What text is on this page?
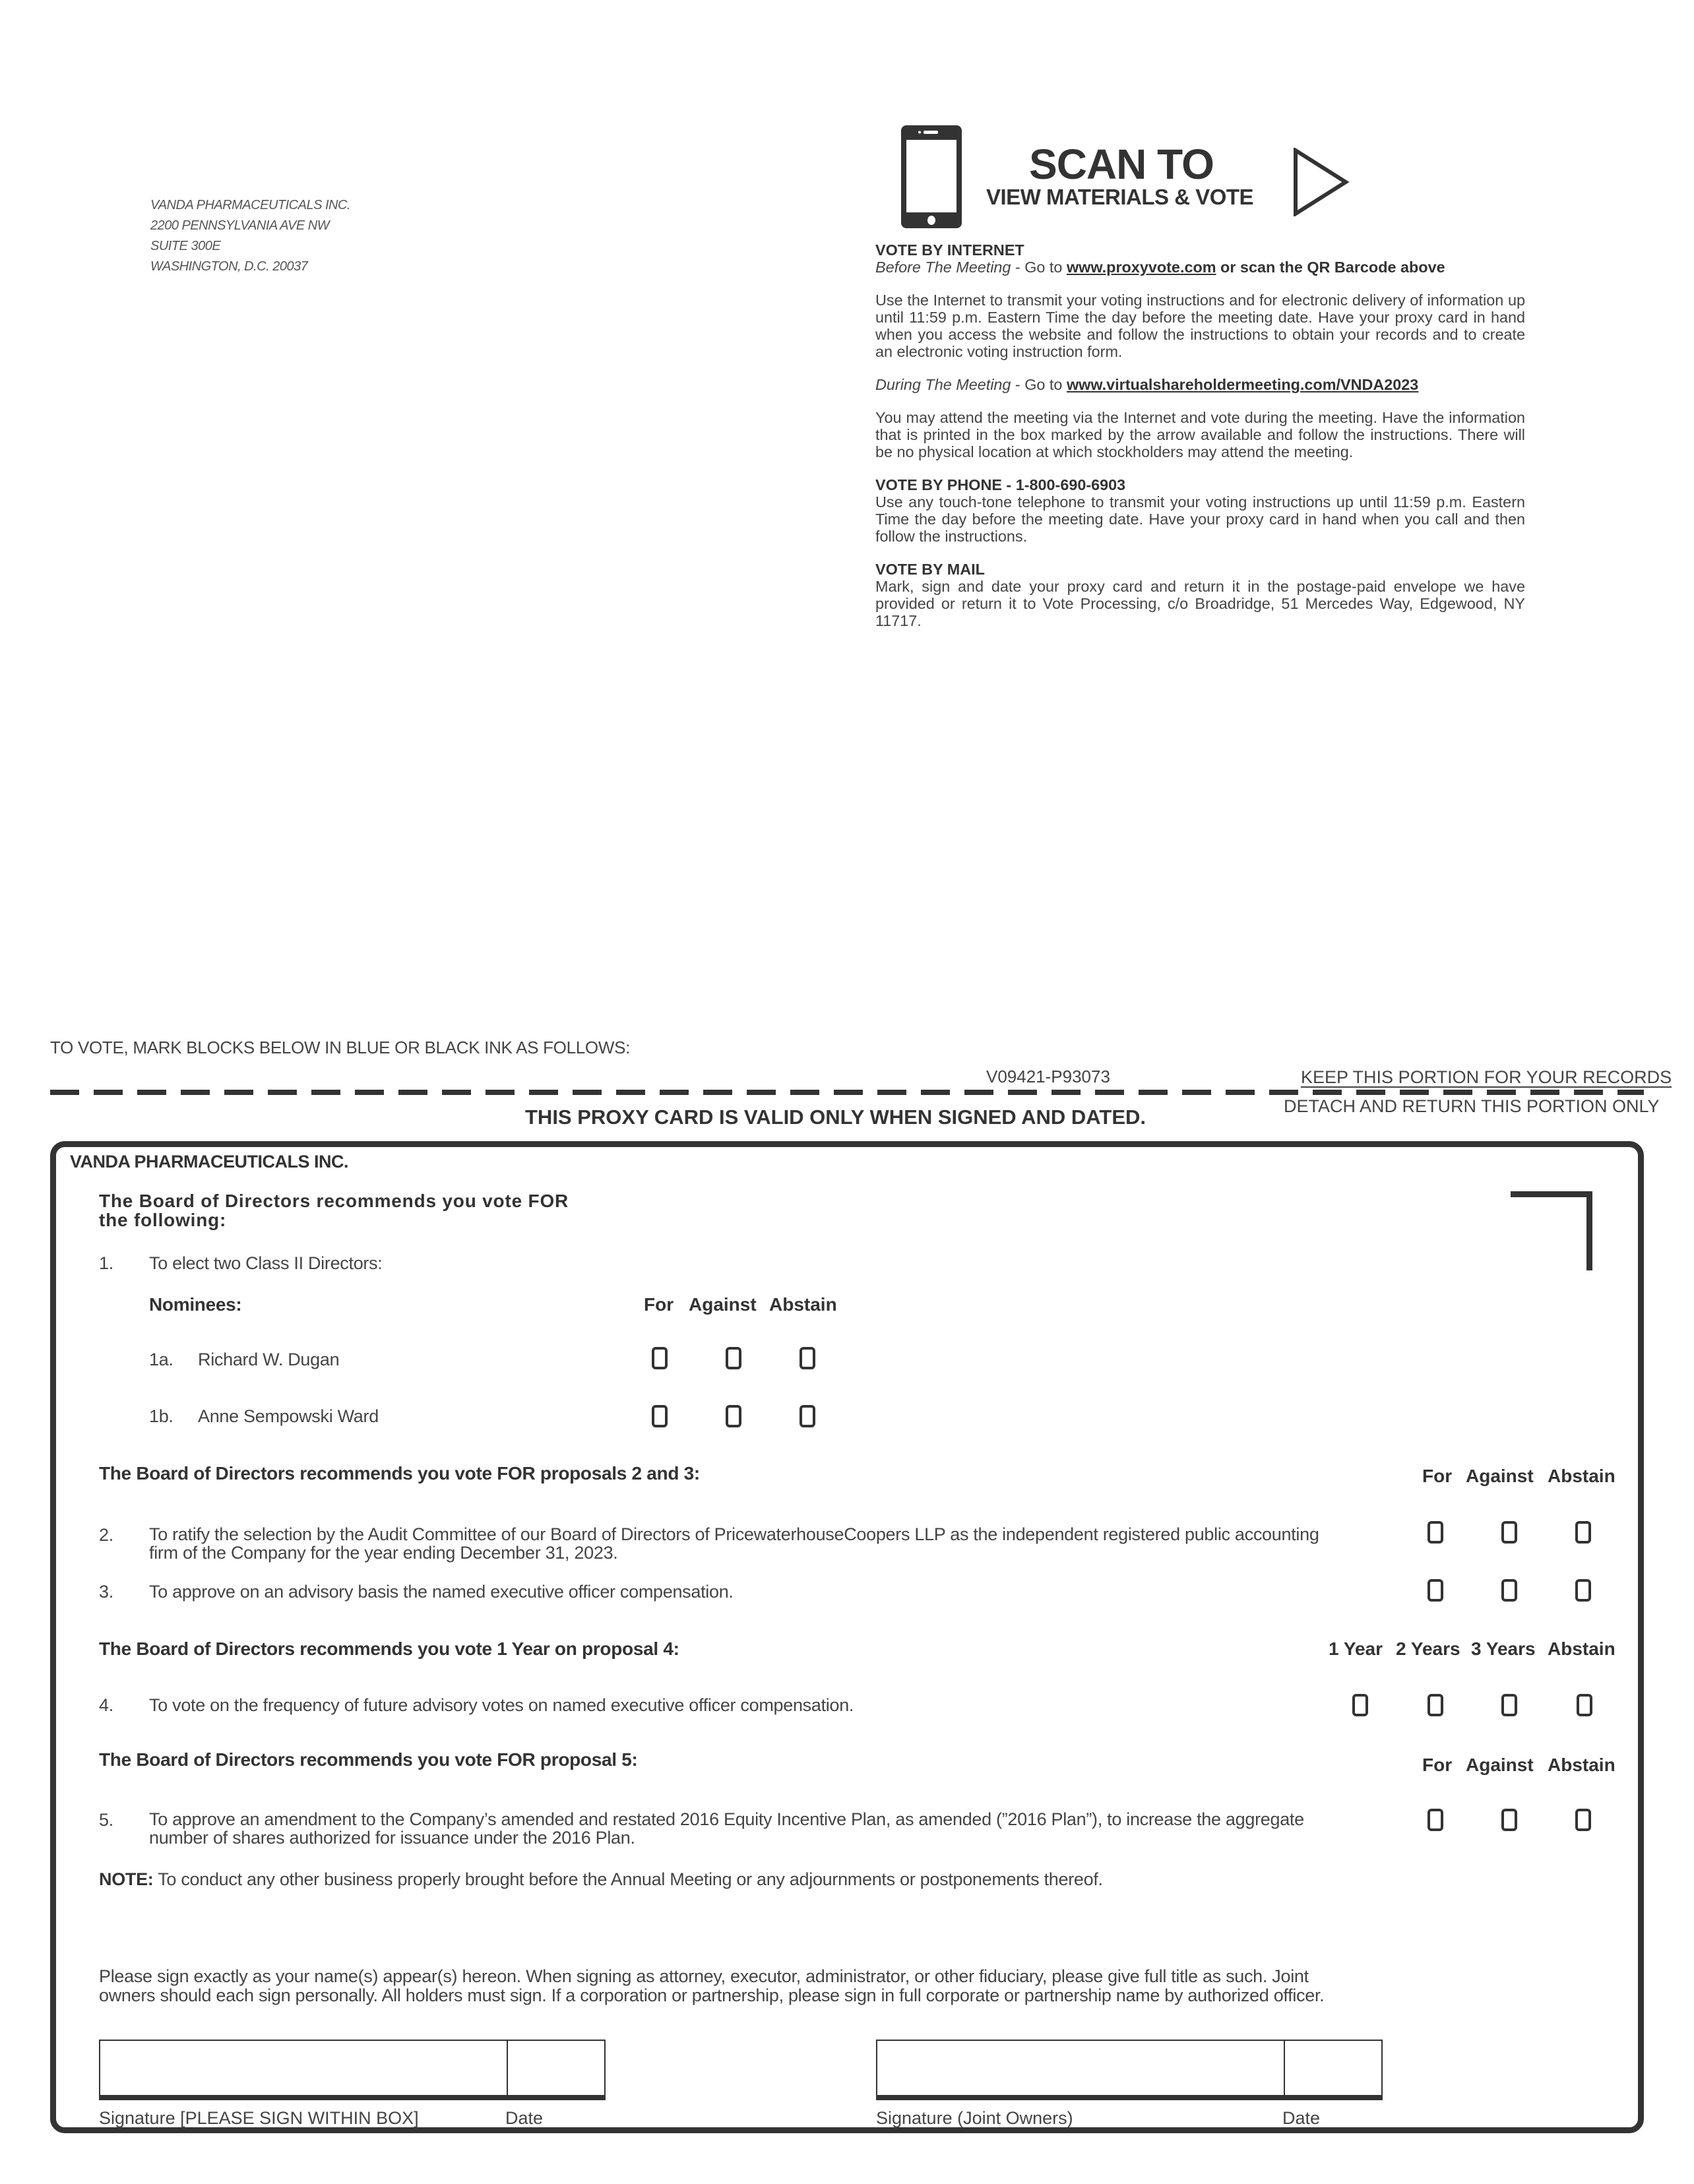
VANDA PHARMACEUTICALS INC.
2200 PENNSYLVANIA AVE NW
SUITE 300E
WASHINGTON, D.C. 20037
SCAN TO
VIEW MATERIALS & VOTE
VOTE BY INTERNET
Before The Meeting - Go to www.proxyvote.com or scan the QR Barcode above

Use the Internet to transmit your voting instructions and for electronic delivery of information up until 11:59 p.m. Eastern Time the day before the meeting date. Have your proxy card in hand when you access the website and follow the instructions to obtain your records and to create an electronic voting instruction form.

During The Meeting - Go to www.virtualshareholdermeeting.com/VNDA2023

You may attend the meeting via the Internet and vote during the meeting. Have the information that is printed in the box marked by the arrow available and follow the instructions. There will be no physical location at which stockholders may attend the meeting.

VOTE BY PHONE - 1-800-690-6903

Use any touch-tone telephone to transmit your voting instructions up until 11:59 p.m. Eastern Time the day before the meeting date. Have your proxy card in hand when you call and then follow the instructions.

VOTE BY MAIL

Mark, sign and date your proxy card and return it in the postage-paid envelope we have provided or return it to Vote Processing, c/o Broadridge, 51 Mercedes Way, Edgewood, NY 11717.

TO VOTE, MARK BLOCKS BELOW IN BLUE OR BLACK INK AS FOLLOWS:
V09421-P93073	KEEP THIS PORTION FOR YOUR RECORDS
DETACH AND RETURN THIS PORTION ONLY
THIS PROXY CARD IS VALID ONLY WHEN SIGNED AND DATED.
VANDA PHARMACEUTICALS INC.
The Board of Directors recommends you vote FOR
the following:
1. To elect two Class II Directors:
Nominees:	For Against Abstain
1a. Richard W. Dugan
1b. Anne Sempowski Ward
The Board of Directors recommends you vote FOR proposals 2 and 3:	For Against Abstain
2. To ratify the selection by the Audit Committee of our Board of Directors of PricewaterhouseCoopers LLP as the independent registered public accounting
firm of the Company for the year ending December 31, 2023.
3. To approve on an advisory basis the named executive officer compensation.
The Board of Directors recommends you vote 1 Year on proposal 4:	1 Year 2 Years 3 Years Abstain
4. To vote on the frequency of future advisory votes on named executive officer compensation.
The Board of Directors recommends you vote FOR proposal 5:	For Against Abstain
5. To approve an amendment to the Company’s amended and restated 2016 Equity Incentive Plan, as amended (”2016 Plan”), to increase the aggregate
number of shares authorized for issuance under the 2016 Plan.
NOTE: To conduct any other business properly brought before the Annual Meeting or any adjournments or postponements thereof.
Please sign exactly as your name(s) appear(s) hereon. When signing as attorney, executor, administrator, or other fiduciary, please give full title as such. Joint
owners should each sign personally. All holders must sign. If a corporation or partnership, please sign in full corporate or partnership name by authorized officer.
Signature [PLEASE SIGN WITHIN BOX]	Date	Signature (Joint Owners)	Date
